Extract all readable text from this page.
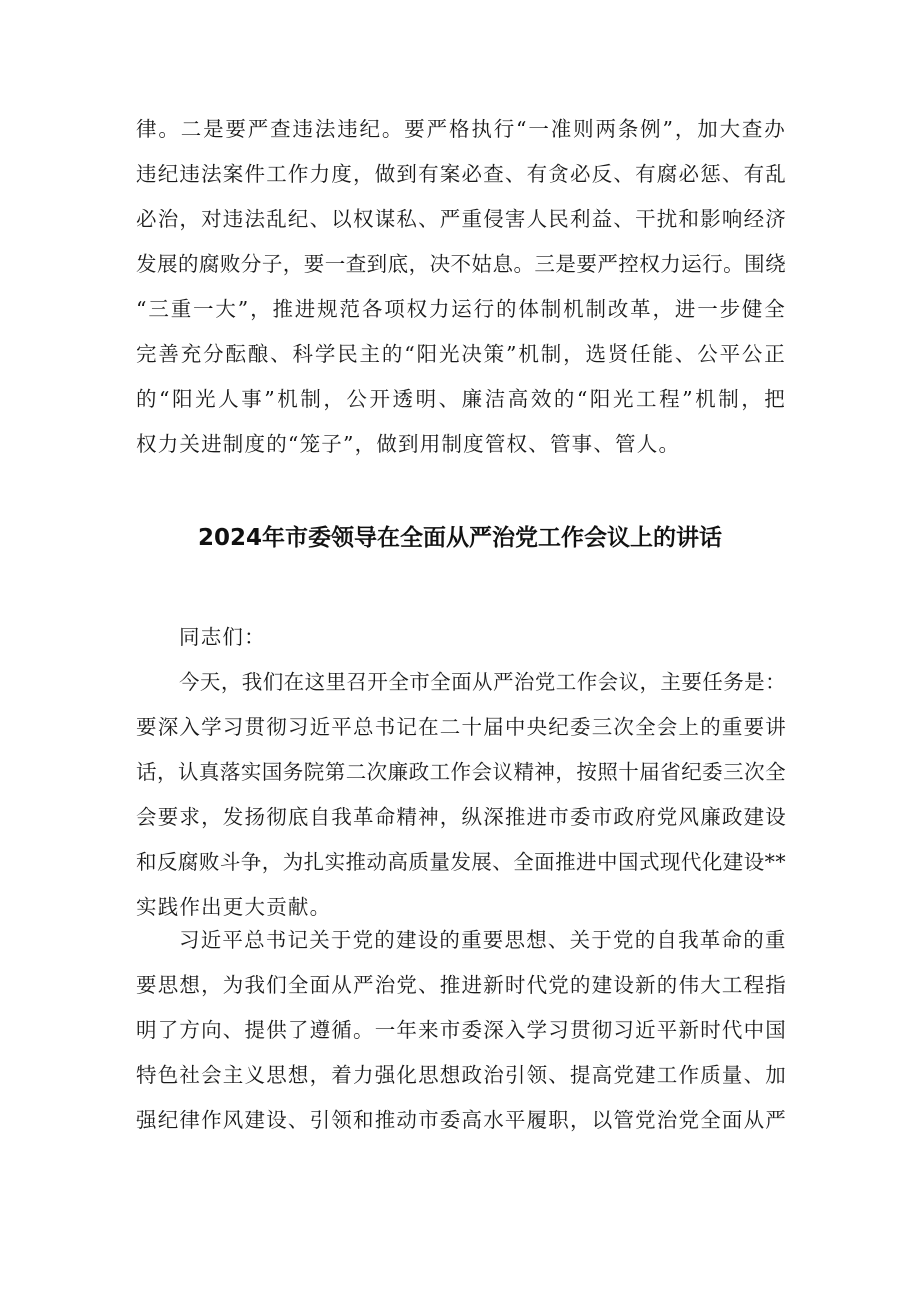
律。二是要严查违法违纪。要严格执行“一准则两条例”，加大查办
违纪违法案件工作力度，做到有案必查、有贪必反、有腐必惩、有乱
必治，对违法乱纪、以权谋私、严重侵害人民利益、干扰和影响经济
发展的腐败分子，要一查到底，决不姑息。三是要严控权力运行。围绕
“三重一大”，推进规范各项权力运行的体制机制改革，进一步健全
完善充分酝酿、科学民主的“阳光决策”机制，选贤任能、公平公正
的“阳光人事”机制，公开透明、廉洁高效的“阳光工程”机制，把
权力关进制度的“笼子”，做到用制度管权、管事、管人。
2024年市委领导在全面从严治党工作会议上的讲话
同志们：
今天，我们在这里召开全市全面从严治党工作会议，主要任务是：
要深入学习贯彻习近平总书记在二十届中央纪委三次全会上的重要讲
话，认真落实国务院第二次廉政工作会议精神，按照十届省纪委三次全
会要求，发扬彻底自我革命精神，纵深推进市委市政府党风廉政建设
和反腐败斗争，为扎实推动高质量发展、全面推进中国式现代化建设**
实践作出更大贡献。
习近平总书记关于党的建设的重要思想、关于党的自我革命的重
要思想，为我们全面从严治党、推进新时代党的建设新的伟大工程指
明了方向、提供了遵循。一年来市委深入学习贯彻习近平新时代中国
特色社会主义思想，着力强化思想政治引领、提高党建工作质量、加
强纪律作风建设、引领和推动市委高水平履职，以管党治党全面从严
